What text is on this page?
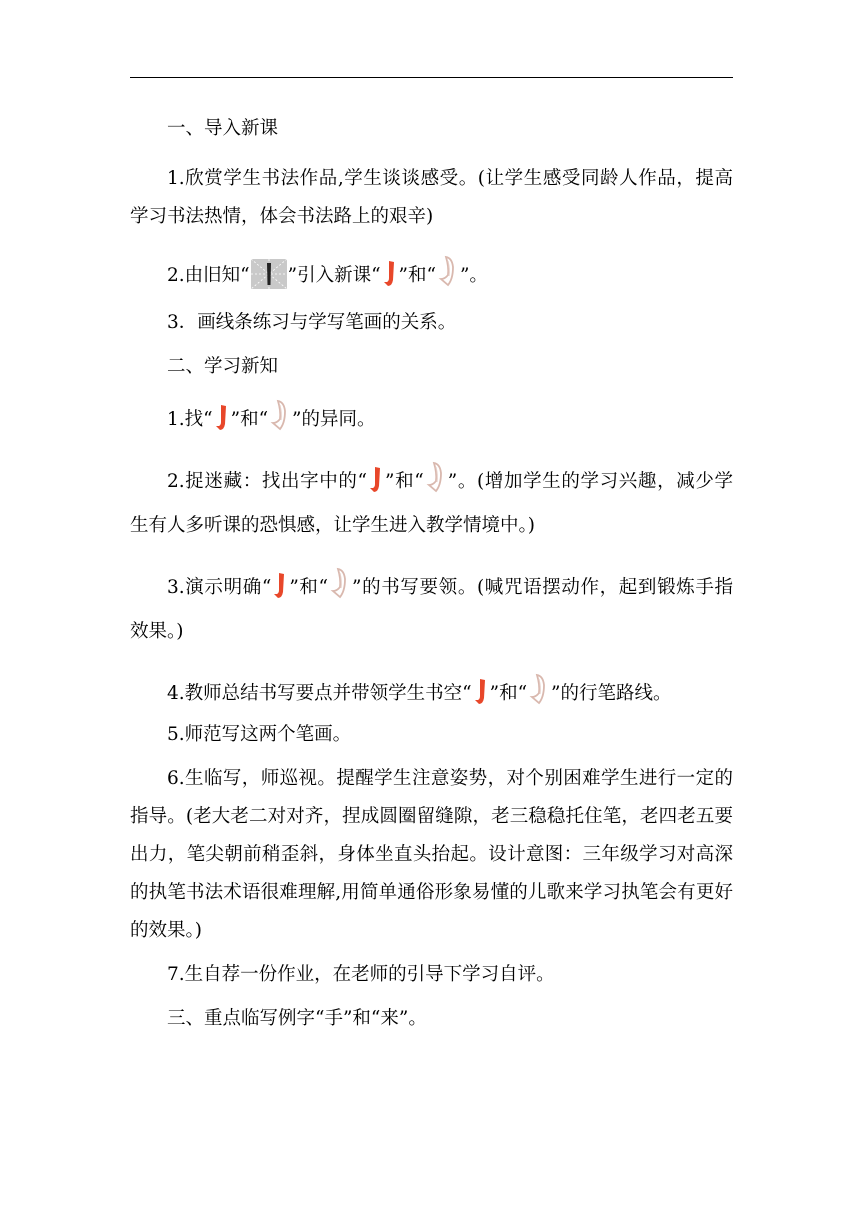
一、导入新课

1.欣赏学生书法作品,学生谈谈感受。(让学生感受同龄人作品，提高学习书法热情，体会书法路上的艰辛)

2.由旧知“ ”引入新课“ ”和“ ”。

3．画线条练习与学写笔画的关系。

二、学习新知

1.找“ ”和“ ”的异同。

2.捉迷藏：找出字中的“ ”和“ ”。(增加学生的学习兴趣，减少学生有人多听课的恐惧感，让学生进入教学情境中。)

3.演示明确“ ”和“ ”的书写要领。(喊咒语摆动作，起到锻炼手指效果。)

4.教师总结书写要点并带领学生书空“ ”和“ ”的行笔路线。

5.师范写这两个笔画。

6.生临写，师巡视。提醒学生注意姿势，对个别困难学生进行一定的指导。(老大老二对对齐，捏成圆圈留缝隙，老三稳稳托住笔，老四老五要出力，笔尖朝前稍歪斜，身体坐直头抬起。设计意图：三年级学习对高深的执笔书法术语很难理解,用简单通俗形象易懂的儿歌来学习执笔会有更好的效果。)

7.生自荐一份作业，在老师的引导下学习自评。

三、重点临写例字“手”和“来”。
